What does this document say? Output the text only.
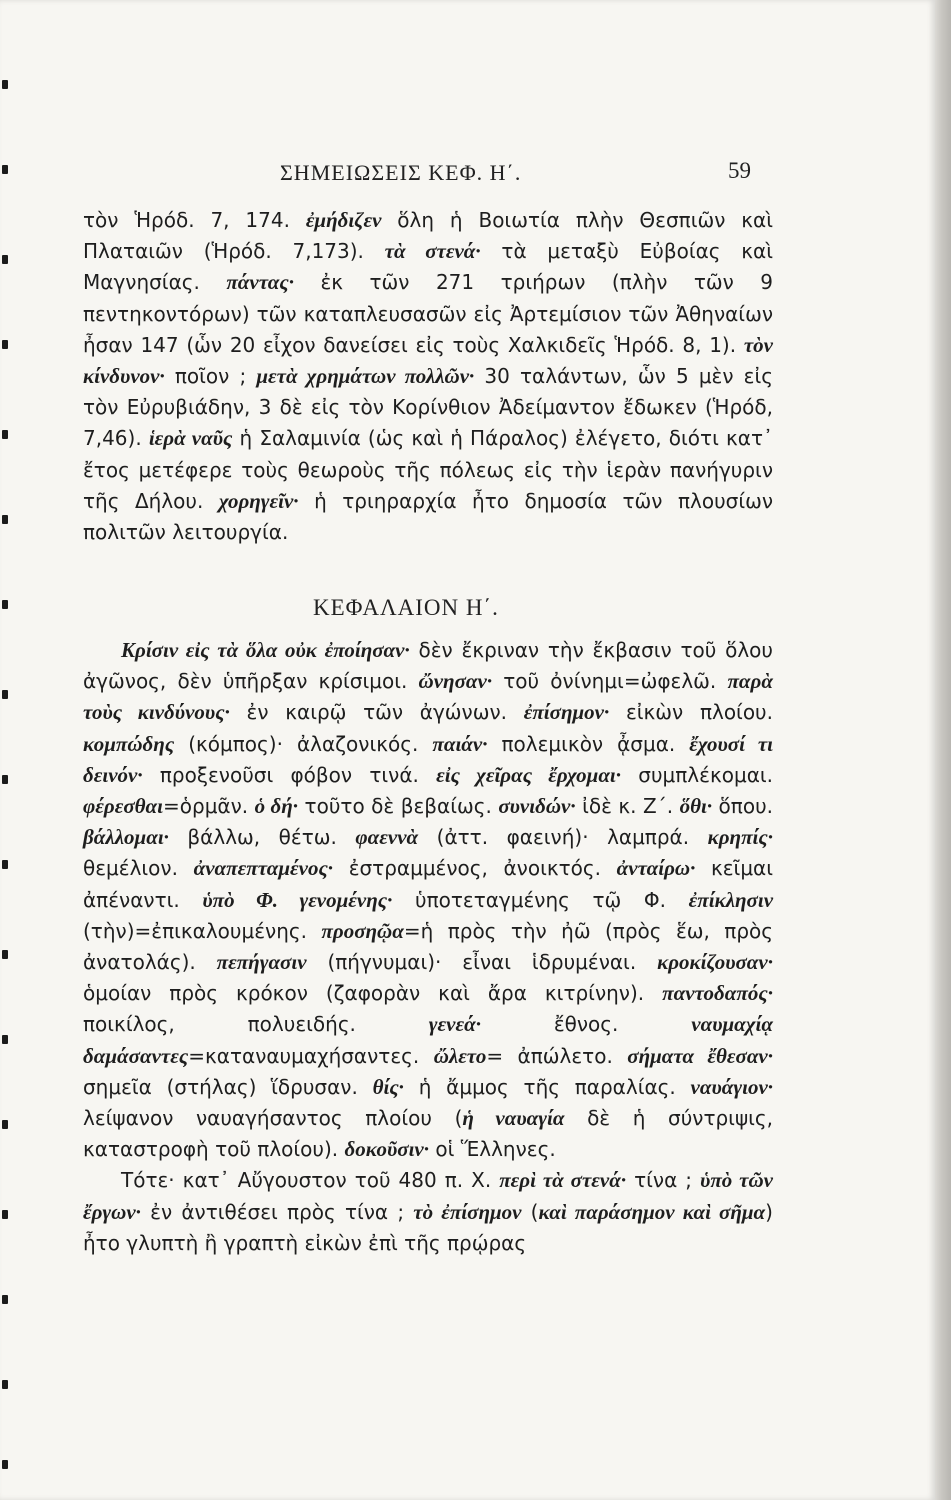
ΣΗΜΕΙΩΣΕΙΣ ΚΕΦ. Η΄.	59

τὸν Ἡρόδ. 7, 174. ἐμήδιζεν ὅλη ἡ Βοιωτία πλὴν Θεσπιῶν καὶ Πλαταιῶν (Ἡρόδ. 7,173). τὰ στενά· τὰ μεταξὺ Εὐβοίας καὶ Μαγνησίας. πάντας· ἐκ τῶν 271 τριήρων (πλὴν τῶν 9 πεντηκοντόρων) τῶν καταπλευσασῶν εἰς Ἀρτεμίσιον τῶν Ἀθηναίων ἦσαν 147 (ὧν 20 εἶχον δανείσει εἰς τοὺς Χαλκιδεῖς Ἡρόδ. 8, 1). τὸν κίνδυνον· ποῖον ; μετὰ χρημάτων πολλῶν· 30 ταλάντων, ὧν 5 μὲν εἰς τὸν Εὐρυβιάδην, 3 δὲ εἰς τὸν Κορίνθιον Ἀδείμαντον ἔδωκεν (Ἡρόδ, 7,46). ἱερὰ ναῦς ἡ Σαλαμινία (ὡς καὶ ἡ Πάραλος) ἐλέγετο, διότι κατ᾽ ἔτος μετέφερε τοὺς θεωροὺς τῆς πόλεως εἰς τὴν ἱερὰν πανήγυριν τῆς Δήλου. χορηγεῖν· ἡ τριηραρχία ἦτο δημοσία τῶν πλουσίων πολιτῶν λειτουργία.

ΚΕΦΑΛΑΙΟΝ Η΄.

Κρίσιν εἰς τὰ ὅλα οὐκ ἐποίησαν· δὲν ἔκριναν τὴν ἔκβασιν τοῦ ὅλου ἀγῶνος, δὲν ὑπῆρξαν κρίσιμοι. ὤνησαν· τοῦ ὀνίνημι=ὠφελῶ. παρὰ τοὺς κινδύνους· ἐν καιρῷ τῶν ἀγώνων. ἐπίσημον· εἰκὼν πλοίου. κομπώδης (κόμπος)· ἀλαζονικός. παιάν· πολεμικὸν ᾆσμα. ἔχουσί τι δεινόν· προξενοῦσι φόβον τινά. εἰς χεῖρας ἔρχομαι· συμπλέκομαι. φέρεσθαι=ὁρμᾶν. ὁ δή· τοῦτο δὲ βεβαίως. συνιδών· ἰδὲ κ. Ζ΄. ὅθι· ὅπου. βάλλομαι· βάλλω, θέτω. φαεννὰ (ἀττ. φαεινή)· λαμπρά. κρηπίς· θεμέλιον. ἀναπεπταμένος· ἐστραμμένος, ἀνοικτός. ἀνταίρω· κεῖμαι ἀπέναντι. ὑπὸ Φ. γενομένης· ὑποτεταγμένης τῷ Φ. ἐπίκλησιν (τὴν)=ἐπικαλουμένης. προσηῷα=ἡ πρὸς τὴν ἠῶ (πρὸς ἕω, πρὸς ἀνατολάς). πεπήγασιν (πήγνυμαι)· εἶναι ἱδρυμέναι. κροκίζουσαν· ὁμοίαν πρὸς κρόκον (ζαφορὰν καὶ ἄρα κιτρίνην). παντοδαπός· ποικίλος, πολυειδής. γενεά· ἔθνος. ναυμαχίᾳ δαμάσαντες=καταναυμαχήσαντες. ὤλετο= ἀπώλετο. σήματα ἔθεσαν· σημεῖα (στήλας) ἵδρυσαν. θίς· ἡ ἄμμος τῆς παραλίας. ναυάγιον· λείψανον ναυαγήσαντος πλοίου (ἡ ναυαγία δὲ ἡ σύντριψις, καταστροφὴ τοῦ πλοίου). δοκοῦσιν· οἱ Ἕλληνες.

Τότε· κατ᾽ Αὔγουστον τοῦ 480 π. Χ. περὶ τὰ στενά· τίνα ; ὑπὸ τῶν ἔργων· ἐν ἀντιθέσει πρὸς τίνα ; τὸ ἐπίσημον (καὶ παράσημον καὶ σῆμα) ἦτο γλυπτὴ ἢ γραπτὴ εἰκὼν ἐπὶ τῆς πρῴρας
